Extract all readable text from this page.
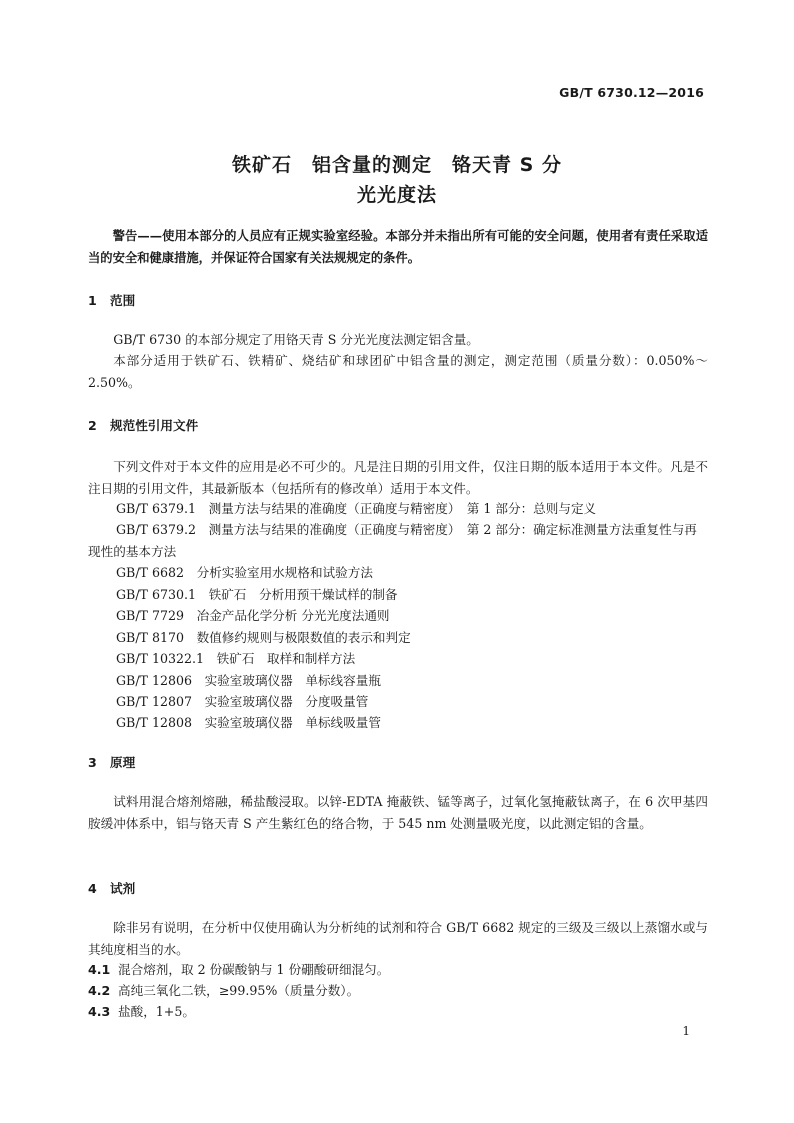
GB/T 6730.12—2016
铁矿石　铝含量的测定　铬天青 S 分
光光度法
警告——使用本部分的人员应有正规实验室经验。本部分并未指出所有可能的安全问题，使用者有责任采取适当的安全和健康措施，并保证符合国家有关法规规定的条件。
1 范围
GB/T 6730 的本部分规定了用铬天青 S 分光光度法测定铝含量。
本部分适用于铁矿石、铁精矿、烧结矿和球团矿中铝含量的测定，测定范围（质量分数）：0.050%～2.50%。
2 规范性引用文件
下列文件对于本文件的应用是必不可少的。凡是注日期的引用文件，仅注日期的版本适用于本文件。凡是不注日期的引用文件，其最新版本（包括所有的修改单）适用于本文件。
GB/T 6379.1　测量方法与结果的准确度（正确度与精密度）　第 1 部分：总则与定义
GB/T 6379.2　测量方法与结果的准确度（正确度与精密度）　第 2 部分：确定标准测量方法重复性与再现性的基本方法
GB/T 6682　分析实验室用水规格和试验方法
GB/T 6730.1　铁矿石　分析用预干燥试样的制备
GB/T 7729　冶金产品化学分析 分光光度法通则
GB/T 8170　数值修约规则与极限数值的表示和判定
GB/T 10322.1　铁矿石　取样和制样方法
GB/T 12806　实验室玻璃仪器　单标线容量瓶
GB/T 12807　实验室玻璃仪器　分度吸量管
GB/T 12808　实验室玻璃仪器　单标线吸量管
3 原理
试料用混合熔剂熔融，稀盐酸浸取。以锌-EDTA 掩蔽铁、锰等离子，过氧化氢掩蔽钛离子，在 6 次甲基四胺缓冲体系中，铝与铬天青 S 产生紫红色的络合物，于 545 nm 处测量吸光度，以此测定铝的含量。
4 试剂
除非另有说明，在分析中仅使用确认为分析纯的试剂和符合 GB/T 6682 规定的三级及三级以上蒸馏水或与其纯度相当的水。
4.1 混合熔剂，取 2 份碳酸钠与 1 份硼酸研细混匀。
4.2 高纯三氧化二铁，≥99.95%（质量分数）。
4.3 盐酸，1+5。
1
